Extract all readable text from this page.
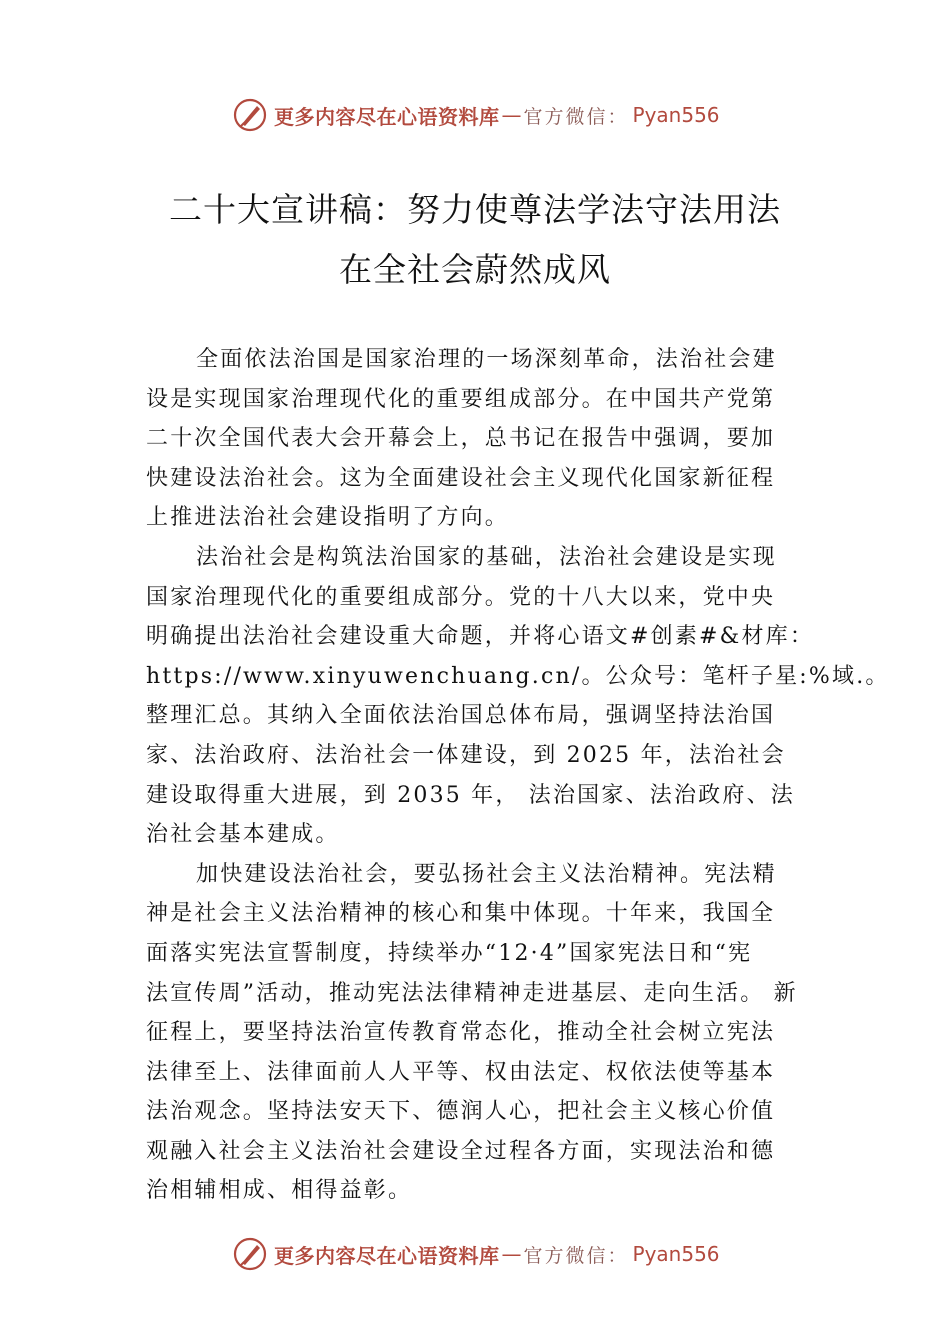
更多内容尽在心语资料库 — 官方微信： Pyan556
二十大宣讲稿：努力使尊法学法守法用法
在全社会蔚然成风
全面依法治国是国家治理的一场深刻革命，法治社会建
设是实现国家治理现代化的重要组成部分。在中国共产党第
二十次全国代表大会开幕会上，总书记在报告中强调，要加
快建设法治社会。这为全面建设社会主义现代化国家新征程
上推进法治社会建设指明了方向。
法治社会是构筑法治国家的基础，法治社会建设是实现
国家治理现代化的重要组成部分。党的十八大以来，党中央
明确提出法治社会建设重大命题，并将心语文#创素#&材库：
https://www.xinyuwenchuang.cn/。公众号：笔杆子星:%域.。
整理汇总。其纳入全面依法治国总体布局，强调坚持法治国
家、法治政府、法治社会一体建设，到 2025 年，法治社会
建设取得重大进展，到 2035 年， 法治国家、法治政府、法
治社会基本建成。
加快建设法治社会，要弘扬社会主义法治精神。宪法精
神是社会主义法治精神的核心和集中体现。十年来，我国全
面落实宪法宣誓制度，持续举办“12·4”国家宪法日和“宪
法宣传周”活动，推动宪法法律精神走进基层、走向生活。 新
征程上，要坚持法治宣传教育常态化，推动全社会树立宪法
法律至上、法律面前人人平等、权由法定、权依法使等基本
法治观念。坚持法安天下、德润人心，把社会主义核心价值
观融入社会主义法治社会建设全过程各方面，实现法治和德
治相辅相成、相得益彰。
更多内容尽在心语资料库 — 官方微信： Pyan556
